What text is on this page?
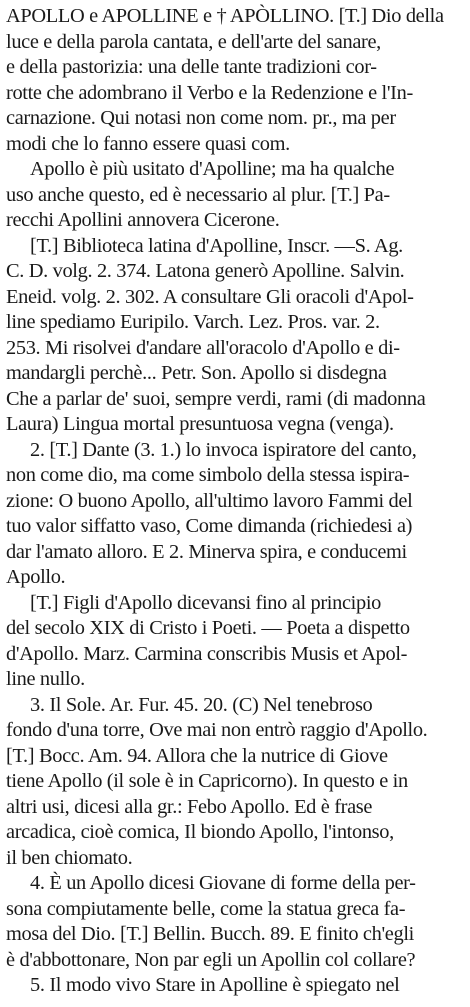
APOLLO e APOLLINE e † APÒLLINO. [T.] Dio della
luce e della parola cantata, e dell'arte del sanare,
e della pastorizia: una delle tante tradizioni cor-
rotte che adombrano il Verbo e la Redenzione e l'In-
carnazione. Qui notasi non come nom. pr., ma per
modi che lo fanno essere quasi com.
Apollo è più usitato d'Apolline; ma ha qualche
uso anche questo, ed è necessario al plur. [T.] Pa-
recchi Apollini annovera Cicerone.
[T.] Biblioteca latina d'Apolline, Inscr. —S. Ag.
C. D. volg. 2. 374. Latona generò Apolline. Salvin.
Eneid. volg. 2. 302. A consultare Gli oracoli d'Apol-
line spediamo Euripilo. Varch. Lez. Pros. var. 2.
253. Mi risolvei d'andare all'oracolo d'Apollo e di-
mandargli perchè... Petr. Son. Apollo si disdegna
Che a parlar de' suoi, sempre verdi, rami (di madonna
Laura) Lingua mortal presuntuosa vegna (venga).
2. [T.] Dante (3. 1.) lo invoca ispiratore del canto,
non come dio, ma come simbolo della stessa ispira-
zione: O buono Apollo, all'ultimo lavoro Fammi del
tuo valor siffatto vaso, Come dimanda (richiedesi a)
dar l'amato alloro. E 2. Minerva spira, e conducemi
Apollo.
[T.] Figli d'Apollo dicevansi fino al principio
del secolo XIX di Cristo i Poeti. — Poeta a dispetto
d'Apollo. Marz. Carmina conscribis Musis et Apol-
line nullo.
3. Il Sole. Ar. Fur. 45. 20. (C) Nel tenebroso
fondo d'una torre, Ove mai non entrò raggio d'Apollo.
[T.] Bocc. Am. 94. Allora che la nutrice di Giove
tiene Apollo (il sole è in Capricorno). In questo e in
altri usi, dicesi alla gr.: Febo Apollo. Ed è frase
arcadica, cioè comica, Il biondo Apollo, l'intonso,
il ben chiomato.
4. È un Apollo dicesi Giovane di forme della per-
sona compiutamente belle, come la statua greca fa-
mosa del Dio. [T.] Bellin. Bucch. 89. E finito ch'egli
è d'abbottonare, Non par egli un Apollin col collare?
5. Il modo vivo Stare in Apolline è spiegato nel
